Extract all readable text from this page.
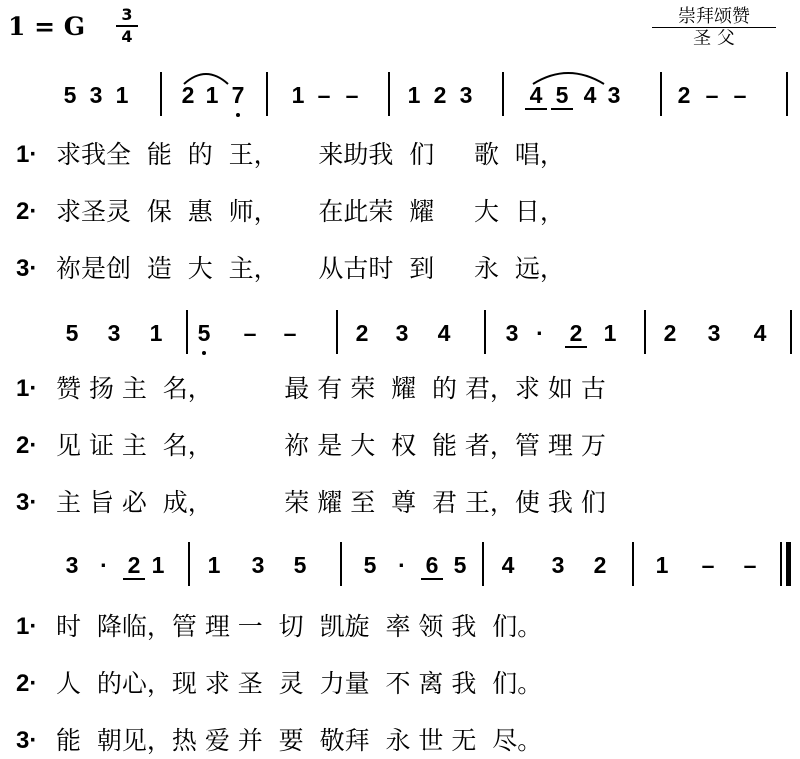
1 = G	3
4
崇拜颂赞
圣 父
5 3 1 2 1 7 1 – – 1 2 3 4 5 4 3 2 – –
1· 求我全  能  的  王，     来助我  们     歌  唱，
2· 求圣灵  保  惠  师，     在此荣  耀     大  日，
3· 祢是创  造  大  主，     从古时  到     永  远，
5 3 1 5 – –	2 3 4 3 ·	2 1 2 3 4
1· 赞 扬 主  名，         最 有 荣  耀  的 君，求 如 古
2· 见 证 主  名，         祢 是 大  权  能 者，管 理 万
3· 主 旨 必  成，         荣 耀 至  尊  君 王，使 我 们
3 · 2 1 1 3 5 5 · 6 5 4 3 2 1 – –
1· 时  降临，管 理 一  切  凯旋  率 领 我  们。
2· 人  的心，现 求 圣  灵  力量  不 离 我  们。
3· 能  朝见，热 爱 并  要  敬拜  永 世 无  尽。
